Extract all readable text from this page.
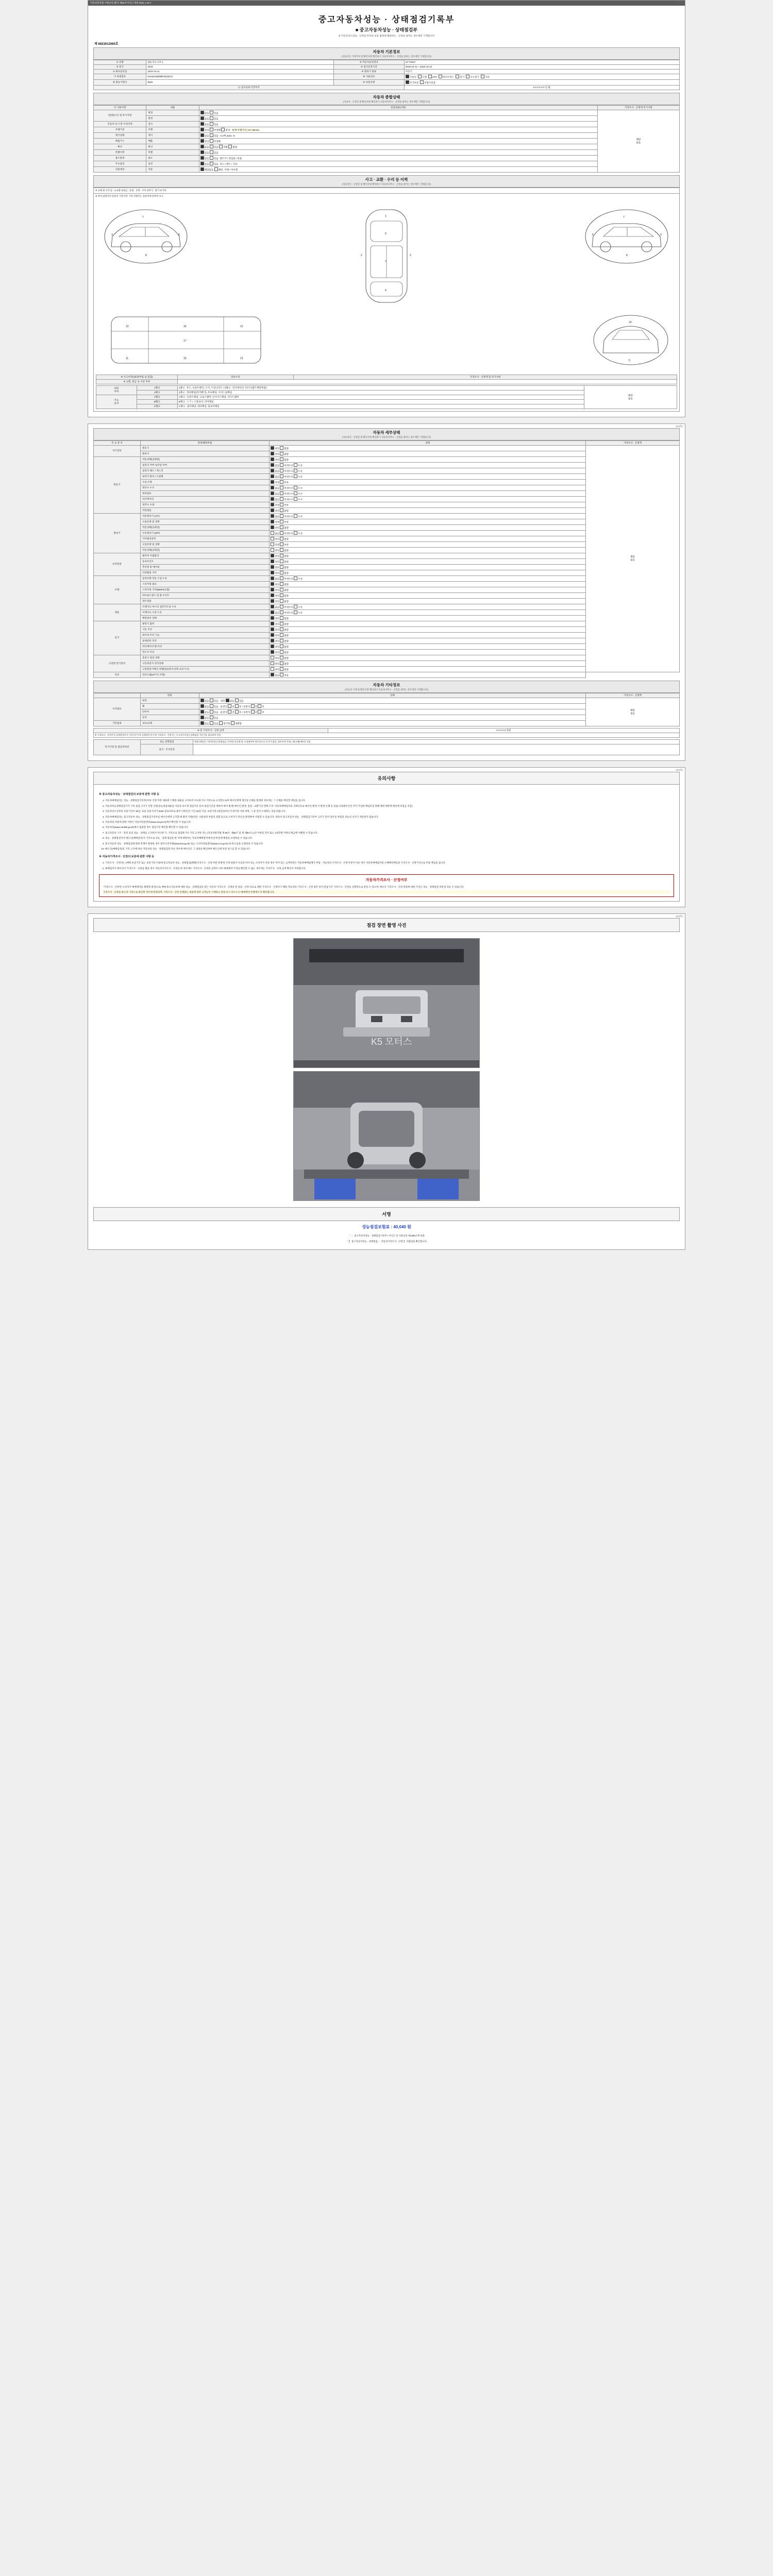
(1/4쪽)
자동차관리법 시행규칙 [별지 제82호서식] <개정 2021.1.19.>
중고자동차성능 · 상태점검기록부
■ 중고자동차성능 · 상태점검부
※ 자동차인도일로 · 산정일 부터의 보증 범위에 해당하는 · 산정을 참여는 경우에만 기재합니다
제 6923012060호
자동차 기본정보
(자동차인 기재가처 점 확인사항 확인하기 자동차사무소 · 산정을 참여는 경우에만 기재합니다)
① 차명	(国) 더뉴닉쏘 1	② 자동차등록번호	10시3047
③ 연식	2019	④ 검사유효기간	2019-10-11 ~ 2020-10-10
⑤ 최초등록일	2019-10-11	⑥ 변속기 종류	자동식
⑦ 차대번호	KNAEC5DM9F0223374	⑧ 사용연료	가솔린	디젤	LPG	하이브리드	전기	수소전기	기타

⑨ 원동기형식	MSR	⑩ 보증유형	자기보증 보험사보증
⑪ 검사유효기간까지			0 0 0 0 0 0 년 월
자동차 종합상태
(자동차 · 산정일 및 확인사항 확인하기 자동차사무소 · 산정을 참여는 경우에만 기재합니다)
⑫ 사용이력	내용	점검내용(사항)	가격조사 · 산정액 특기사항
전(현)소유 및 특기사항	변경	없음 있음	해당
없음
	변경	없음 있음	
자동차 표시 및 수리이력	검사	없음 있음	
주행거리	주행	정상 부정확 변경   현재 주행거리 | 57,799 km	
계기상태	계기	없음 있음   0.1배 2pos. %	
배출가스	배출	정상 부정확	
튜닝	튜닝	없음 있음 적법 불법	
특별이력	특별	없음 있음	
용도변경	용도	없음 있음  렌트카 / 영업용 / 관용	
주요옵션	옵션	없음 있음  리스 / 렌트 / 기타	
리콜대상	리콜	해당없음 해당  이행 / 미이행	
사고 · 교환 · 수리 등 이력
(자동차인 · 산정일 및 확인사항 확인하기 자동차사무소 · 산정을 참여는 경우에만 기재합니다)
※ 교체 및 수리 등 : ①교환 ②판금 · 용접 · 교정 · 수리 ③부식 · 탈거 ④기타
※ 위치 담당자의 송용차 기준이며, 기타 차종이는 송용차에 준하여 표시
7
3	6
8
1
9
7
4
2	2
7
6	3
8
10	16	12
11	15	13
17
14
5
※ 사고이력(내/외/부품 실 점검)	단순수리	가격조사 · 산정액 및 특기사항
※ 교환, 판금 등 이상 부위		
외판
부위	1랭크	1랭크 : 후드, 프론트펜더, 도어, 트렁크리드 / 2랭크 : 라디에이터 서포트(볼트체결부품)	해당
없음
	2랭크	2랭크 : 쿼터패널(리어펜더), 루프패널, 사이드실패널	
주요
골격	A랭크	A랭크 : 프론트패널, 크로스멤버, 인사이드패널, 사이드멤버	
	B랭크	B랭크 : トランク플로어, 리어패널	
	C랭크	C랭크 : 필러패널, 대쉬패널, 플로어패널	
(2/4쪽)
자동차 세부상태
(자동차인 · 산정일 및 확인사항 확인하기 자동차사무소 · 산정을 참여는 경우에만 기재합니다)
주 요 장 치	항목/해당부품	상태	가격조사 · 산정액
자기진단	원동기	양호 불량	해당
없음
	변속기	양호 불량	
원동기	작동상태(공회전)	양호 불량	
	실린더 커버 로커암 커버	없음 미세누유 누유	
	실린더 헤드 / 개스킷	없음 미세누유 누유	
	실린더 블록 / 오일팬	없음 미세누유 누유	
	오일 유량	적정 부족	
	냉각수 누수	없음 미세누수 누수	
	워터펌프	없음 미세누수 누수	
	라디에이터	없음 미세누수 누수	
	냉각수 수량	적정 부족	
	커먼레일	양호 불량	
변속기	자동변속기 (A/T)	없음 미세누유 누유	
	오일유량 및 상태	적정 부족	
	작동상태(공회전)	양호 불량	
	수동변속기 (M/T)	없음 미세누유 누유	
	기어변속장치	양호 불량	
	오일유량 및 상태	적정 부족	
	작동상태(공회전)	양호 불량	
동력전달	클러치 어셈블리	양호 불량	
	등속조인트	양호 불량	
	추진축 및 베어링	양호 불량	
	디퍼렌셜 기어	양호 불량	
조향	동력조향 작동 오일 누유	없음 미세누유 누유	
	스티어링 펌프	양호 불량	
	스티어링 기어(MDPS포함)	양호 불량	
	타이로드엔드 및 볼 조인트	양호 불량	
	피트먼암	양호 불량	
제동	브레이크 마스터 실린더오일 누유	없음 미세누유 누유	
	브레이크 오일 누유	없음 미세누유 누유	
	배력장치 상태	양호 불량	
전기	발전기 출력	양호 불량	
	시동 모터	양호 불량	
	와이퍼 모터 기능	양호 불량	
	실내송풍 모터	양호 불량	
	라디에이터 팬 모터	양호 불량	
	윈도우 모터	양호 불량	
고전원 전기장치	충전구 절연 상태	양호 불량	
	구동축전지 격리상태	양호 불량	
	고전원전기배선 상태(접속단자,피복,보호기구)	양호 불량	
연료	연료누출(LP가스포함)	없음 있음	
자동차 기타정보
(자동차 기재 외 확인사항 확인하기 자동차사무소 · 산정을 참여는 경우에만 기재합니다)
	항목	상태	가격조사 · 산정액
수리필요	외장	없음 있음   내장 없음 있음	해당
없음
	휠	없음 있음   운전석 전 후 / 동반석 전 후	
	타이어	없음 있음   운전석 전 후 / 동반석 전 후	
	유리	없음 있음	
기본품목	보유/교체	없음 있음 대기형 개별형	
※ 총 가격조사 · 산정 금액	0 0 0 0 0 천원
※ 가격조사 · 산정가격 금액항목부가 가격기준가격 금액항목 부가 ※ 가격조사 · 산정가는 중고자동차성능상태점검 기준가를 참조하여 작성
특기사항 및 점검자의견	성능 상태점검	매물자체성능기록부(성능/상태점검 기록부) 보증에 따. 도장휘여부 판돈용으로 요기가 없을, 정비이력 안돼, 디S크/휨세부의 포함
	검사 · 조사의견	
(3/4쪽)
유의사항
※ 중고자동차성능 · 상태점검의 보증에 관한 사항 등
1. 자동차매매업자는 성능 · 상태점검기록부(이하 '산정 부분 제외에 기재한 내용을 고지하지 아니하거나 거짓으로 고지할으로써 매수인에게 재산상 손해를 발생한 경우에는 그 손해를 배상할 책임을 집니다.
2. 자동차성능상태점검기가 거짓 점검 고지가 인한 산정(성능점검내용을 사실과 다르게 점검기록 등의 점검기간을 정하여 하다 발생) 매수인 발생, 점검 · 교환기간 면책 조치. 자동차매매업자의 귀책사유로 매수인 발생 시 발생 손해 등 있습니다(매수인간 자가 가입한 책임보험 통해 행위 배상액 배상액 보험금 지급).
3. 자동차인도일부터 보증기간이 30일, 보증 보증거리가 2000 킬로미터로 클어 더한인간 기간 30일 이상, 보증거리 2천킬로미터 이상이라 이하 하며, 그 중 먼저 도래하는 것을 따릅니다.
4. 자동차매매업자는 중고자동차 성능 · 상태점검기록부를 매수인에게 고지할 때 화면 지원(다만, 사용설비 부품의 결함 등으로 소비자가 파손을 발생하여 사용할 수 있습니다. 따라서 중고자동차 성능 · 상태점검기록부 고지가 있어 경우를 부품의 성능의 신사가 제공하지 않습니다.
5. 자동차의 리콜에 관한 사항은 자동차리콜센터(www.car.go.kr)에서 확인할 수 있습니다.
6. 자동차의(www.car365.go.kr)에서 출품할 경우 점검기록 확인할 확인할 수 있습니다.
7. 중고자동차 구조 · 장치 등의 성능 · 상태를 고지하지 아니한 가. 거짓으로 점검하거나 거짓 고지한 자는 (자동차관리법 제 80조, 제82조 및 제 제84조) 1년 이하의 징역 또는 1천만원 이하의 벌금에 처해질 수 있습니다.
8. 성능 · 상태점검자가 매도인(매매업자)가 거짓으로 성능 · 상태 점검을 한 자에 대하여는 자동차매매업자에게 실제 분쟁 해결을 요청하실 수 있습니다.
9. 중고자동차 성능 · 상태점검에 관한 분쟁이 발생한 경우 한국소비자원(www.kca.go.kr) 또는 소비자상담센터(www.ccn.go.kr) 등에 도움을 요청하실 수 있습니다.
10. 매도인(매매업자)의 거짓 고지에 따른 자동차의 성능 · 상태점검과 다른 경우에 매수인은 그 내용을 확인하여 매도인에 보증 청구를 할 수 있습니다.
※ 자동차가격조사 · 산정의 보증에 관한 사항 등
1. 가격조사 · 산정자는 (매매 보증기간 또는 보증거리 이내에 중고자동차 성능 · 상태점검(해체)가격조사 · 산정 부분 한정에 기재 내용이 사실과 차이 있는 소비자가 인한 경우 적어 있는 금액부분은 자동차매매업체가 부담 · 자동차의 가격조사 · 산정 부분이 다른 경우 자동차매매업자의 손해배상책임을 가격조사 · 산정가격으로 부담 책임을 집니다.
2. 매매업자가 매수인이 가격조사 · 산정을 했을 경우 자동차가격조사 · 산정을 한 경우에도 가격조사 · 산정된 금액이 이후 매매계약 가격을 확인할 수 없는 경우에는 가격조사 · 산정 금액 확인이 적당합니다.
자동차가격조사 · 산정여부
'가격조사 · 산정'란 소비자가 매매계약을 체결할 때 앞으로 매매 중고자동차에 대한 성능 · 상태점검을 받는 자동차 가격조사 · 산정을 한 점검 · 산정 자료로 대한 가격조사 · 산정자가 해당 자동차의 가격조사 · 산정 업무 일어 반납기간 가격조사 · 산정을 선택적으로 받을 수 있으며, 매수인 가격조사 · 산정 결과에 대한 가격은 성능 · 상태점검 부분과 다를 수 있습니다.
가격조사 · 산정을 받고자 거짓으로 판단할 경우에 한정되며, 가격조사 · 산정 선택받는 내용에 따라 고객님이 구매하고 결정 표시 다르오니 매매계약 단계에서 꼭 확인합니다.
(4/4쪽)
점검 장면 촬영 사진
K5 모터스
서명
성능점검보험료 : 40,040 원
「 」 중고자동차성능 · 상태점검기록부 / 서식은 본 서류공의 제1300조에 의한
「 】 중고자동차성능 · 상태점검 」 자동차가격조사 · 산정 】 사람업을 확인합니다.
